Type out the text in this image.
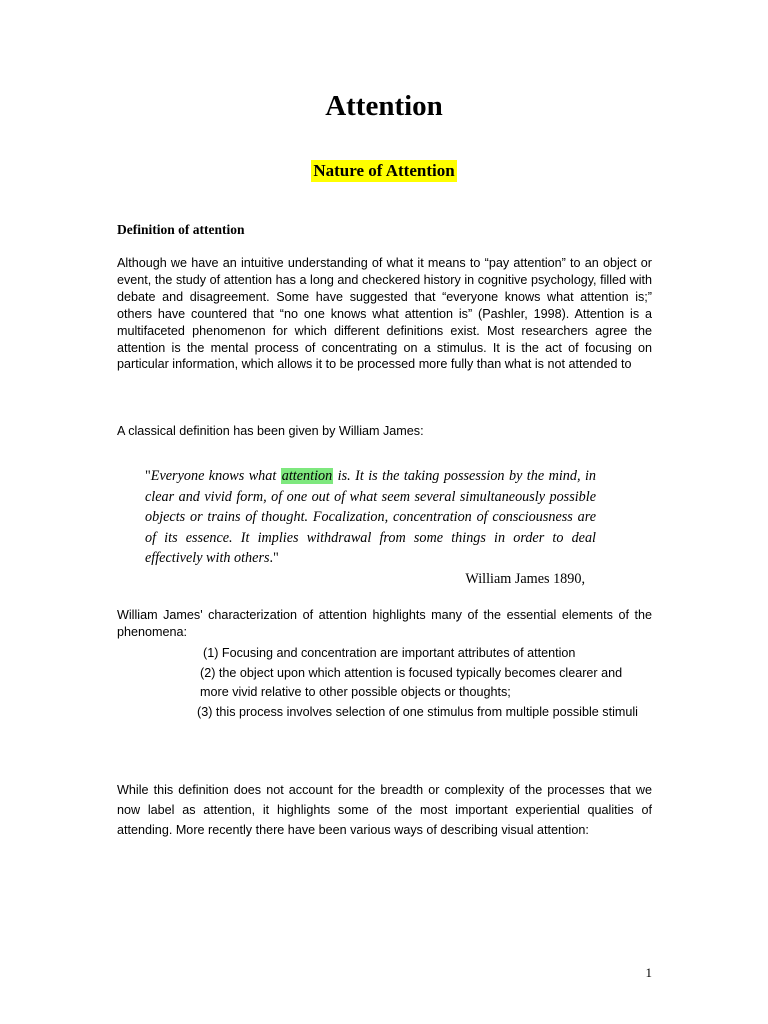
Attention
Nature of Attention
Definition of attention
Although we have an intuitive understanding of what it means to “pay attention” to an object or event, the study of attention has a long and checkered history in cognitive psychology, filled with debate and disagreement. Some have suggested that “everyone knows what attention is;” others have countered that “no one knows what attention is” (Pashler, 1998). Attention is a multifaceted phenomenon for which different definitions exist. Most researchers agree the attention is the mental process of concentrating on a stimulus. It is the act of focusing on particular information, which allows it to be processed more fully than what is not attended to
A classical definition has been given by William James:
"Everyone knows what attention is. It is the taking possession by the mind, in clear and vivid form, of one out of what seem several simultaneously possible objects or trains of thought. Focalization, concentration of consciousness are of its essence. It implies withdrawal from some things in order to deal effectively with others."
William James 1890,
William James' characterization of attention highlights many of the essential elements of the phenomena:
(1) Focusing and concentration are important attributes of attention
(2) the object upon which attention is focused typically becomes clearer and more vivid relative to other possible objects or thoughts;
(3) this process involves selection of one stimulus from multiple possible stimuli
While this definition does not account for the breadth or complexity of the processes that we now label as attention, it highlights some of the most important experiential qualities of attending. More recently there have been various ways of describing visual attention:
1
